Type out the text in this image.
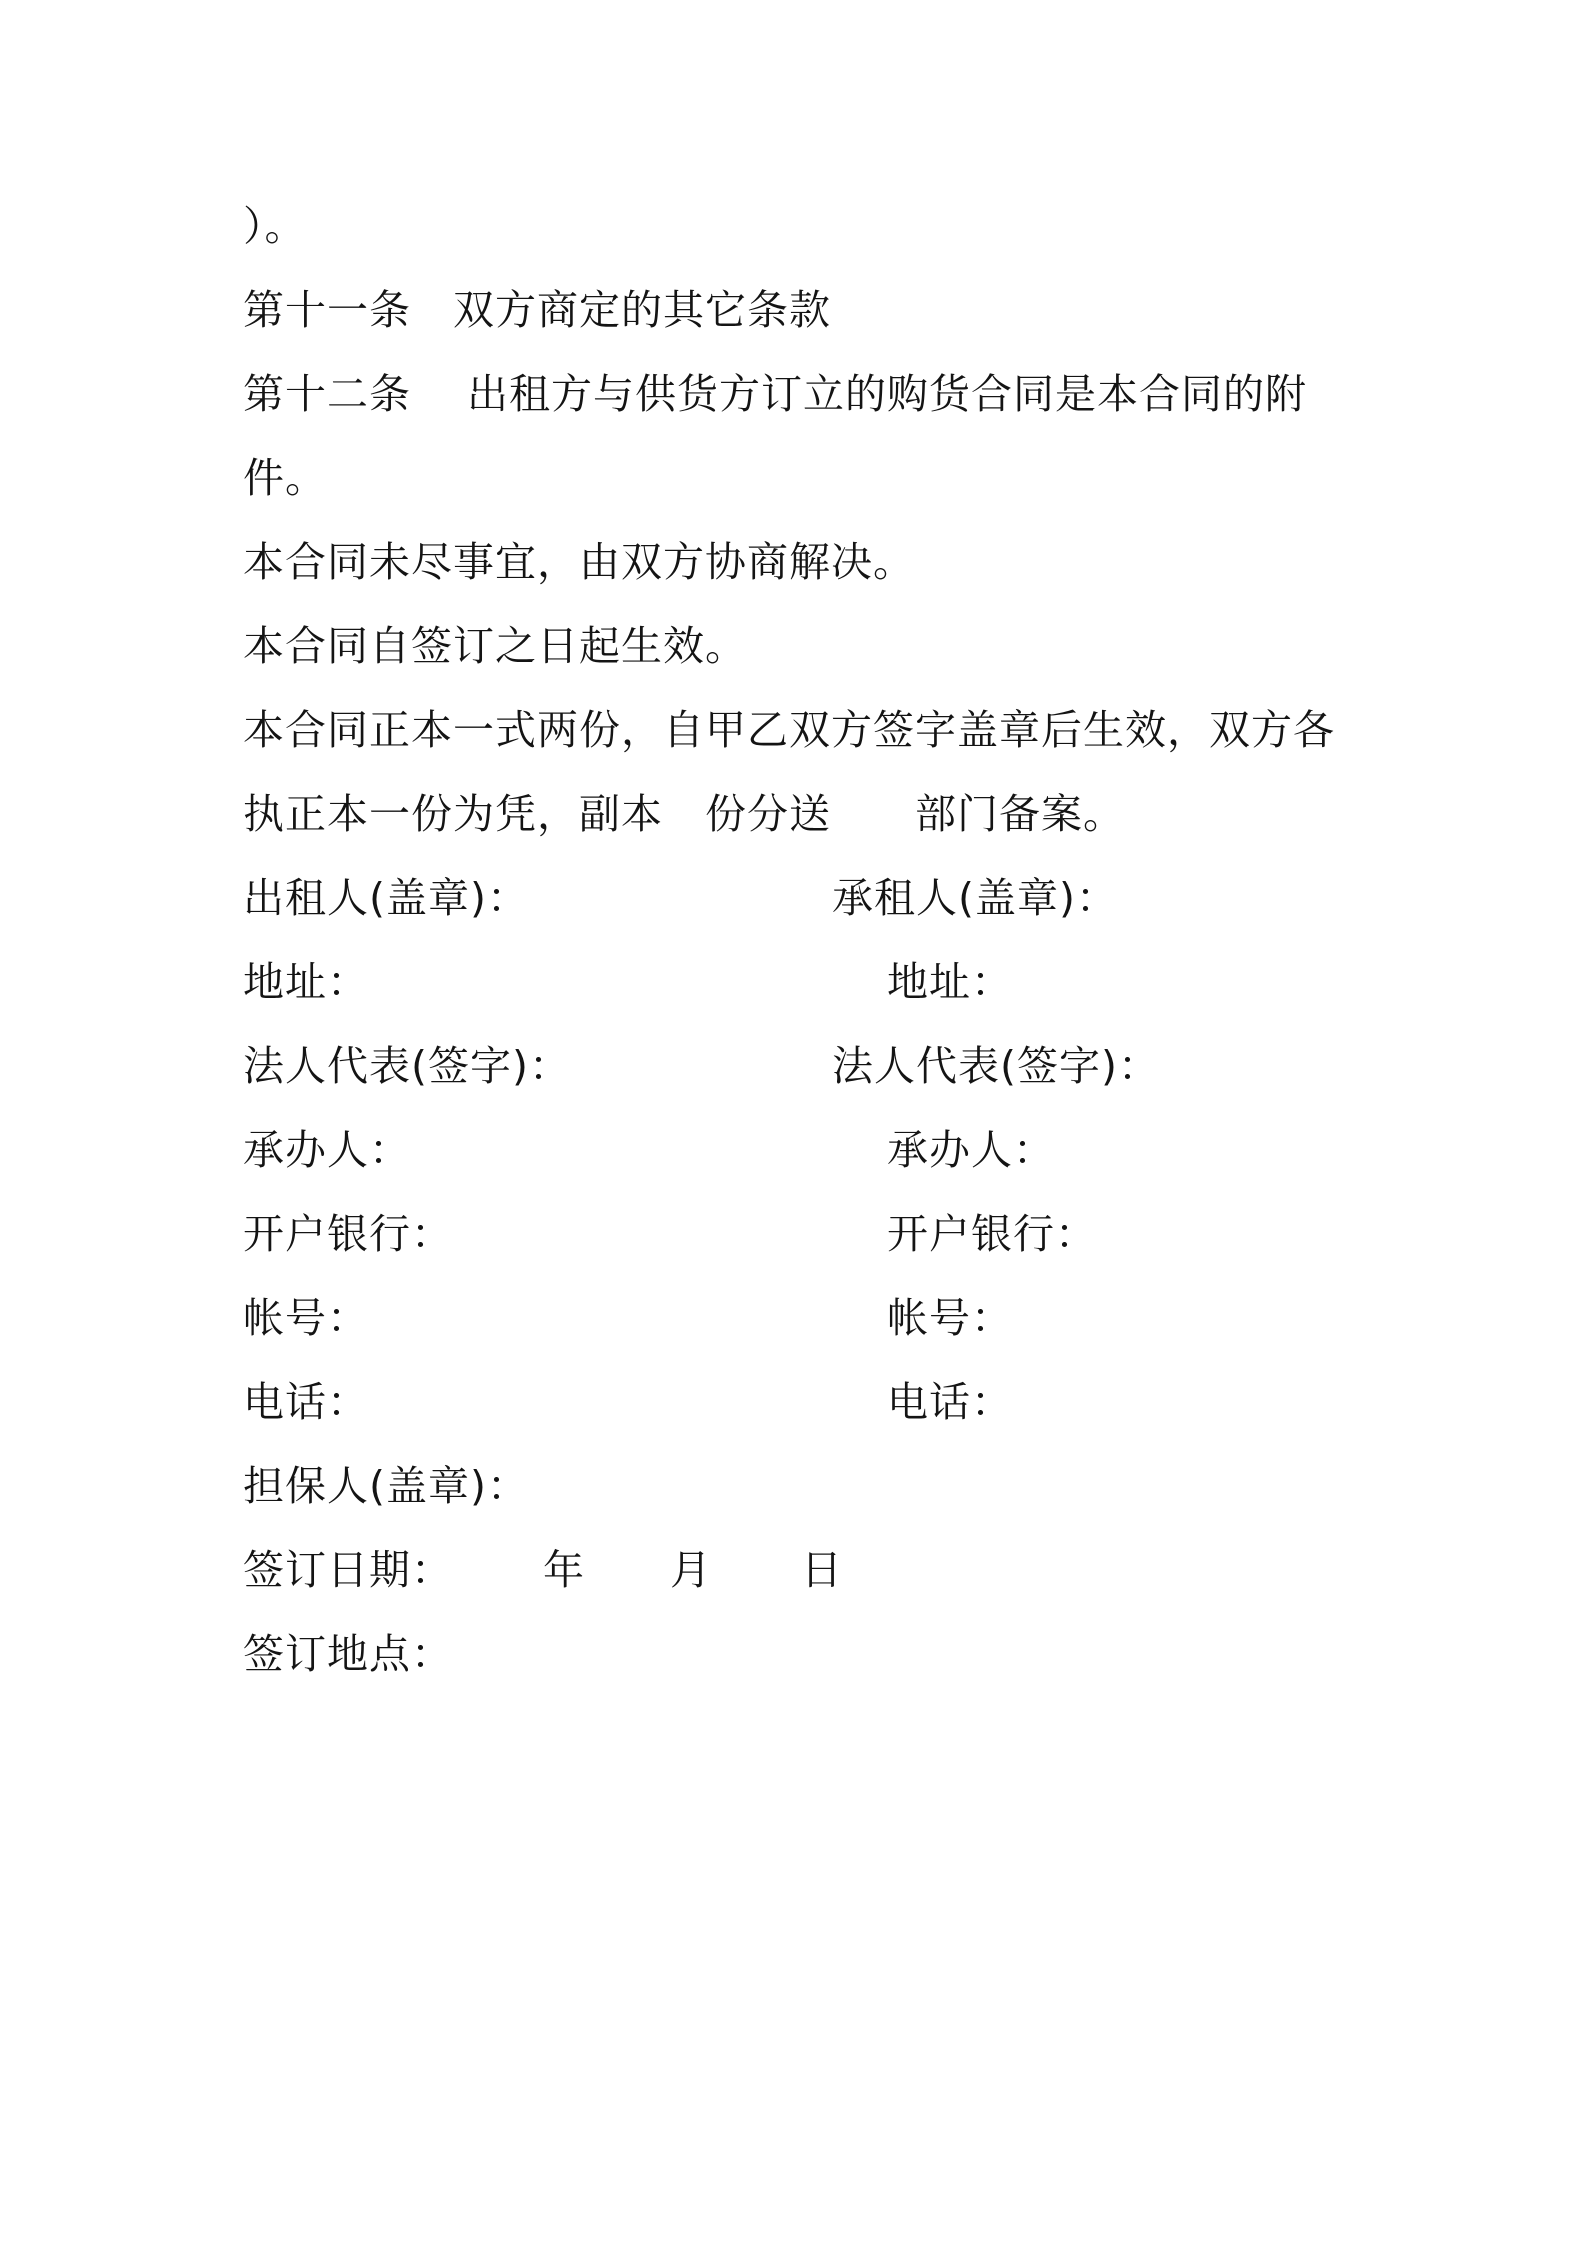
）。
第十一条　双方商定的其它条款
第十二条　 出租方与供货方订立的购货合同是本合同的附
件。
本合同未尽事宜，由双方协商解决。
本合同自签订之日起生效。
本合同正本一式两份，自甲乙双方签字盖章后生效，双方各
执正本一份为凭，副本　份分送　　部门备案。
出租人(盖章)：	承租人(盖章)：
地址：	地址：
法人代表(签字)：	法人代表(签字)：
承办人：	承办人：
开户银行：	开户银行：
帐号：	帐号：
电话：	电话：
担保人(盖章)：
签订日期： 年 月 日
签订地点：
